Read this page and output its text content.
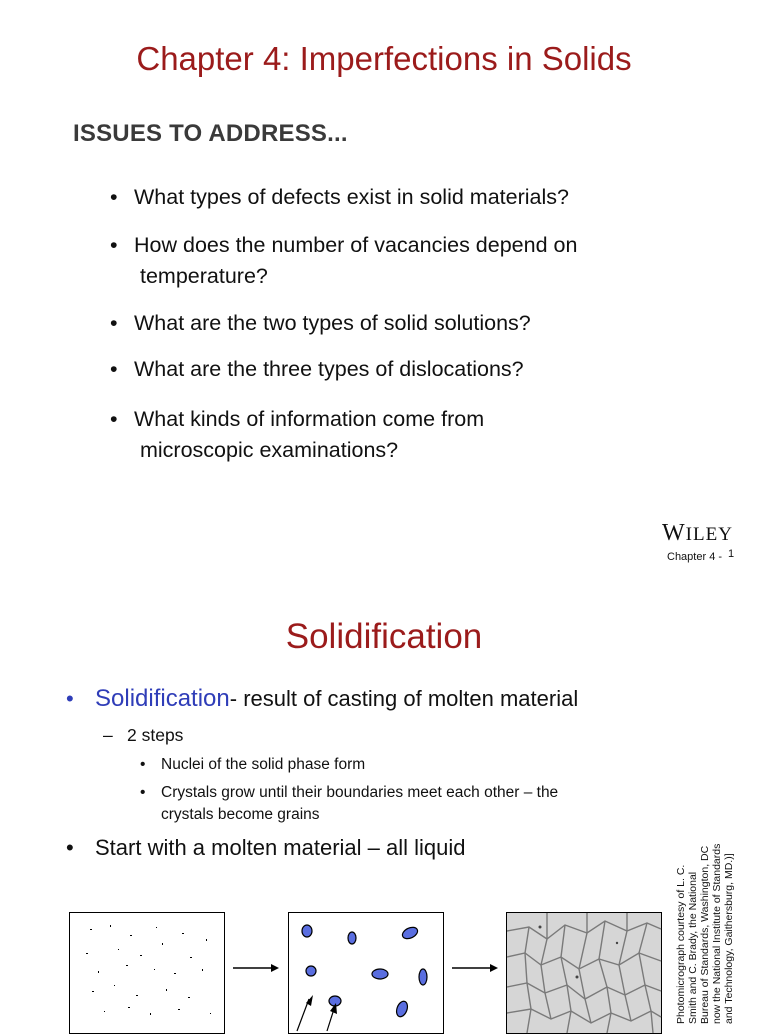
Chapter 4: Imperfections in Solids
ISSUES TO ADDRESS...
• What types of defects exist in solid materials?
• How does the number of vacancies depend on
temperature?
• What are the two types of solid solutions?
• What are the three types of dislocations?
• What kinds of information come from
microscopic examinations?
WILEY
Chapter 4 - 1
Solidification
• Solidification- result of casting of molten material
– 2 steps
• Nuclei of the solid phase form
• Crystals grow until their boundaries meet each other – the
crystals become grains
• Start with a molten material – all liquid
Photomicrograph courtesy of L. C. Smith and C. Brady, the National Bureau of Standards, Washington, DC now the National Institute of Standards and Technology, Gaithersburg, MD.)]
